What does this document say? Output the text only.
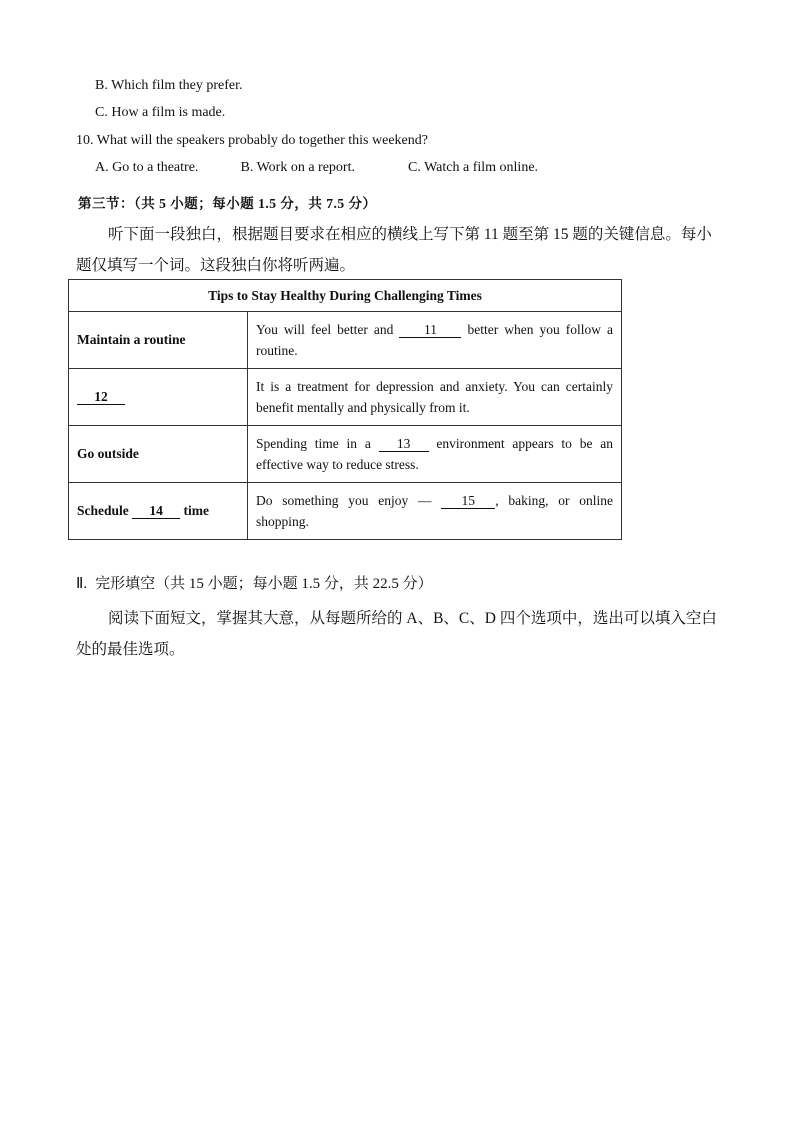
B. Which film they prefer.
C. How a film is made.
10. What will the speakers probably do together this weekend?
A. Go to a theatre.	B. Work on a report.	C. Watch a film online.
第三节：（共 5 小题；每小题 1.5 分，共 7.5 分）
听下面一段独白，根据题目要求在相应的横线上写下第 11 题至第 15 题的关键信息。每小题仅填写一个词。这段独白你将听两遍。
Tips to Stay Healthy During Challenging Times	
Maintain a routine	You will feel better and 11 better when you follow a routine.
12	It is a treatment for depression and anxiety. You can certainly benefit mentally and physically from it.
Go outside	Spending time in a 13 environment appears to be an effective way to reduce stress.
Schedule 14 time	Do something you enjoy — 15 , baking, or online shopping.
Ⅱ. 完形填空（共 15 小题；每小题 1.5 分，共 22.5 分）
阅读下面短文，掌握其大意，从每题所给的 A、B、C、D 四个选项中，选出可以填入空白处的最佳选项。
